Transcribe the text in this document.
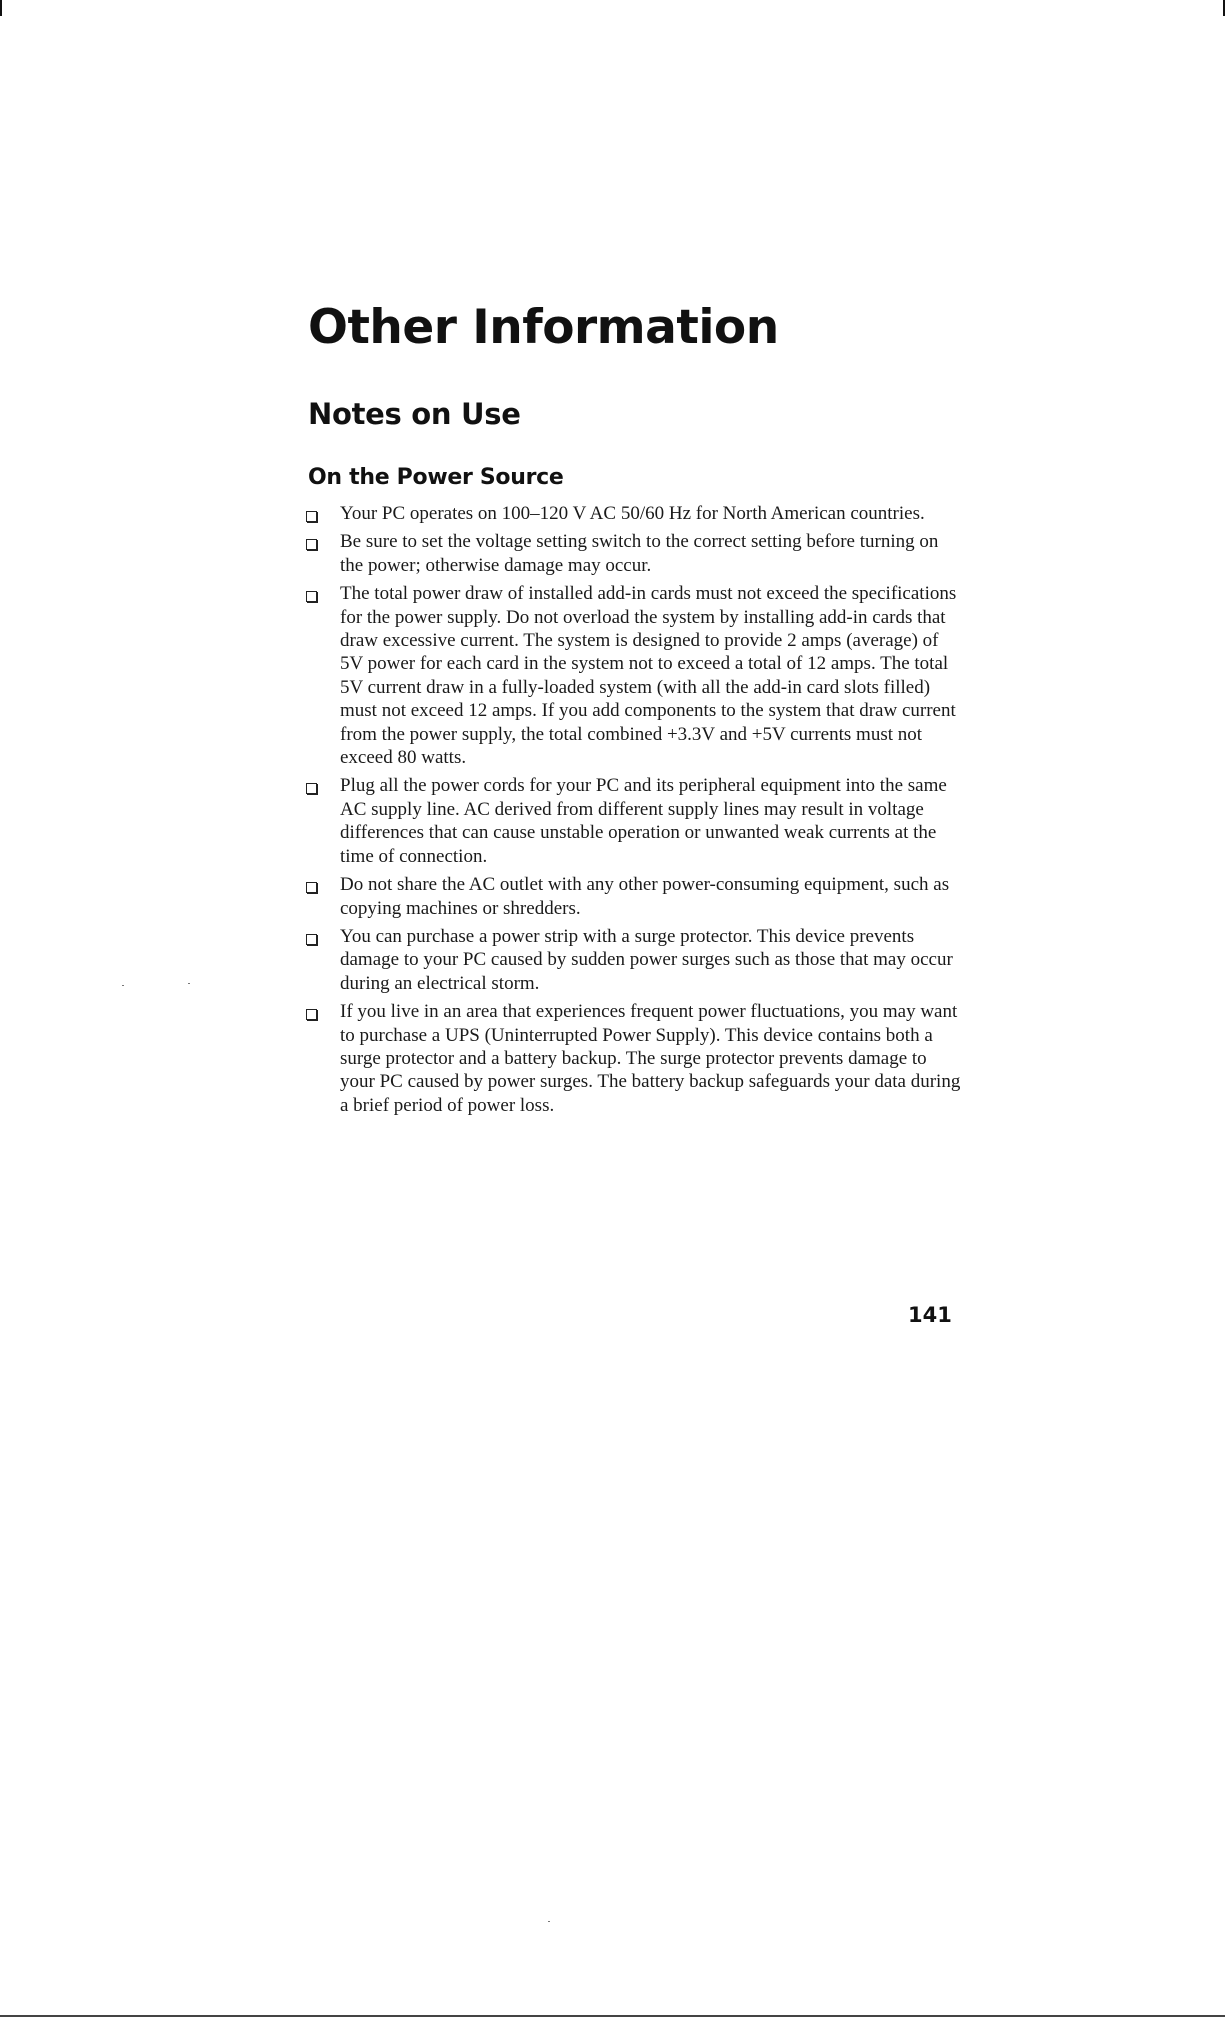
Other Information
Notes on Use
On the Power Source
Your PC operates on 100–120 V AC 50/60 Hz for North American countries.
Be sure to set the voltage setting switch to the correct setting before turning on the power; otherwise damage may occur.
The total power draw of installed add-in cards must not exceed the specifications for the power supply. Do not overload the system by installing add-in cards that draw excessive current. The system is designed to provide 2 amps (average) of 5V power for each card in the system not to exceed a total of 12 amps. The total 5V current draw in a fully-loaded system (with all the add-in card slots filled) must not exceed 12 amps. If you add components to the system that draw current from the power supply, the total combined +3.3V and +5V currents must not exceed 80 watts.
Plug all the power cords for your PC and its peripheral equipment into the same AC supply line. AC derived from different supply lines may result in voltage differences that can cause unstable operation or unwanted weak currents at the time of connection.
Do not share the AC outlet with any other power-consuming equipment, such as copying machines or shredders.
You can purchase a power strip with a surge protector. This device prevents damage to your PC caused by sudden power surges such as those that may occur during an electrical storm.
If you live in an area that experiences frequent power fluctuations, you may want to purchase a UPS (Uninterrupted Power Supply). This device contains both a surge protector and a battery backup. The surge protector prevents damage to your PC caused by power surges. The battery backup safeguards your data during a brief period of power loss.
141
